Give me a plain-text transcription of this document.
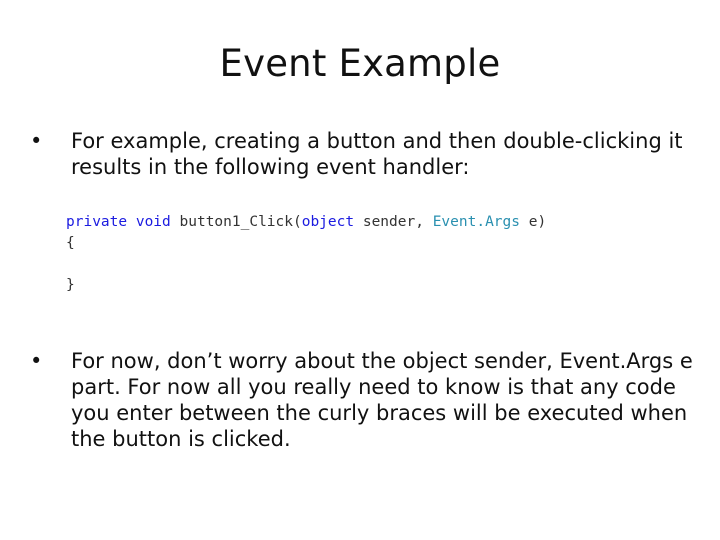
Event Example
•	For example, creating a button and then double-clicking it results in the following event handler:
private void button1_Click(object sender, Event.Args e)
{
}
•	For now, don’t worry about the object sender, Event.Args e part. For now all you really need to know is that any code you enter between the curly braces will be executed when the button is clicked.
